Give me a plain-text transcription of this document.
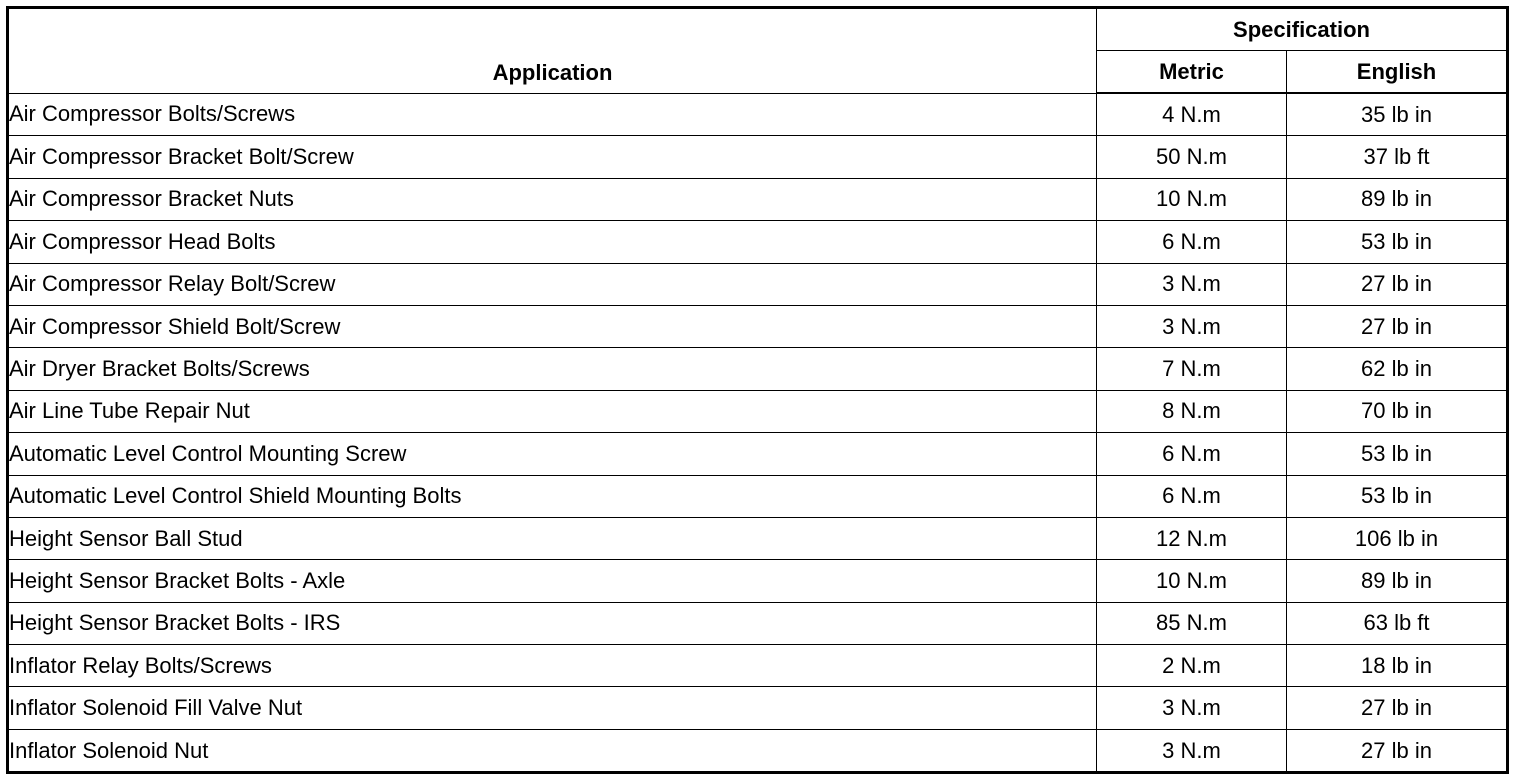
Application	Specification	
	Metric	English
Air Compressor Bolts/Screws	4 N.m	35 lb in
Air Compressor Bracket Bolt/Screw	50 N.m	37 lb ft
Air Compressor Bracket Nuts	10 N.m	89 lb in
Air Compressor Head Bolts	6 N.m	53 lb in
Air Compressor Relay Bolt/Screw	3 N.m	27 lb in
Air Compressor Shield Bolt/Screw	3 N.m	27 lb in
Air Dryer Bracket Bolts/Screws	7 N.m	62 lb in
Air Line Tube Repair Nut	8 N.m	70 lb in
Automatic Level Control Mounting Screw	6 N.m	53 lb in
Automatic Level Control Shield Mounting Bolts	6 N.m	53 lb in
Height Sensor Ball Stud	12 N.m	106 lb in
Height Sensor Bracket Bolts - Axle	10 N.m	89 lb in
Height Sensor Bracket Bolts - IRS	85 N.m	63 lb ft
Inflator Relay Bolts/Screws	2 N.m	18 lb in
Inflator Solenoid Fill Valve Nut	3 N.m	27 lb in
Inflator Solenoid Nut	3 N.m	27 lb in
